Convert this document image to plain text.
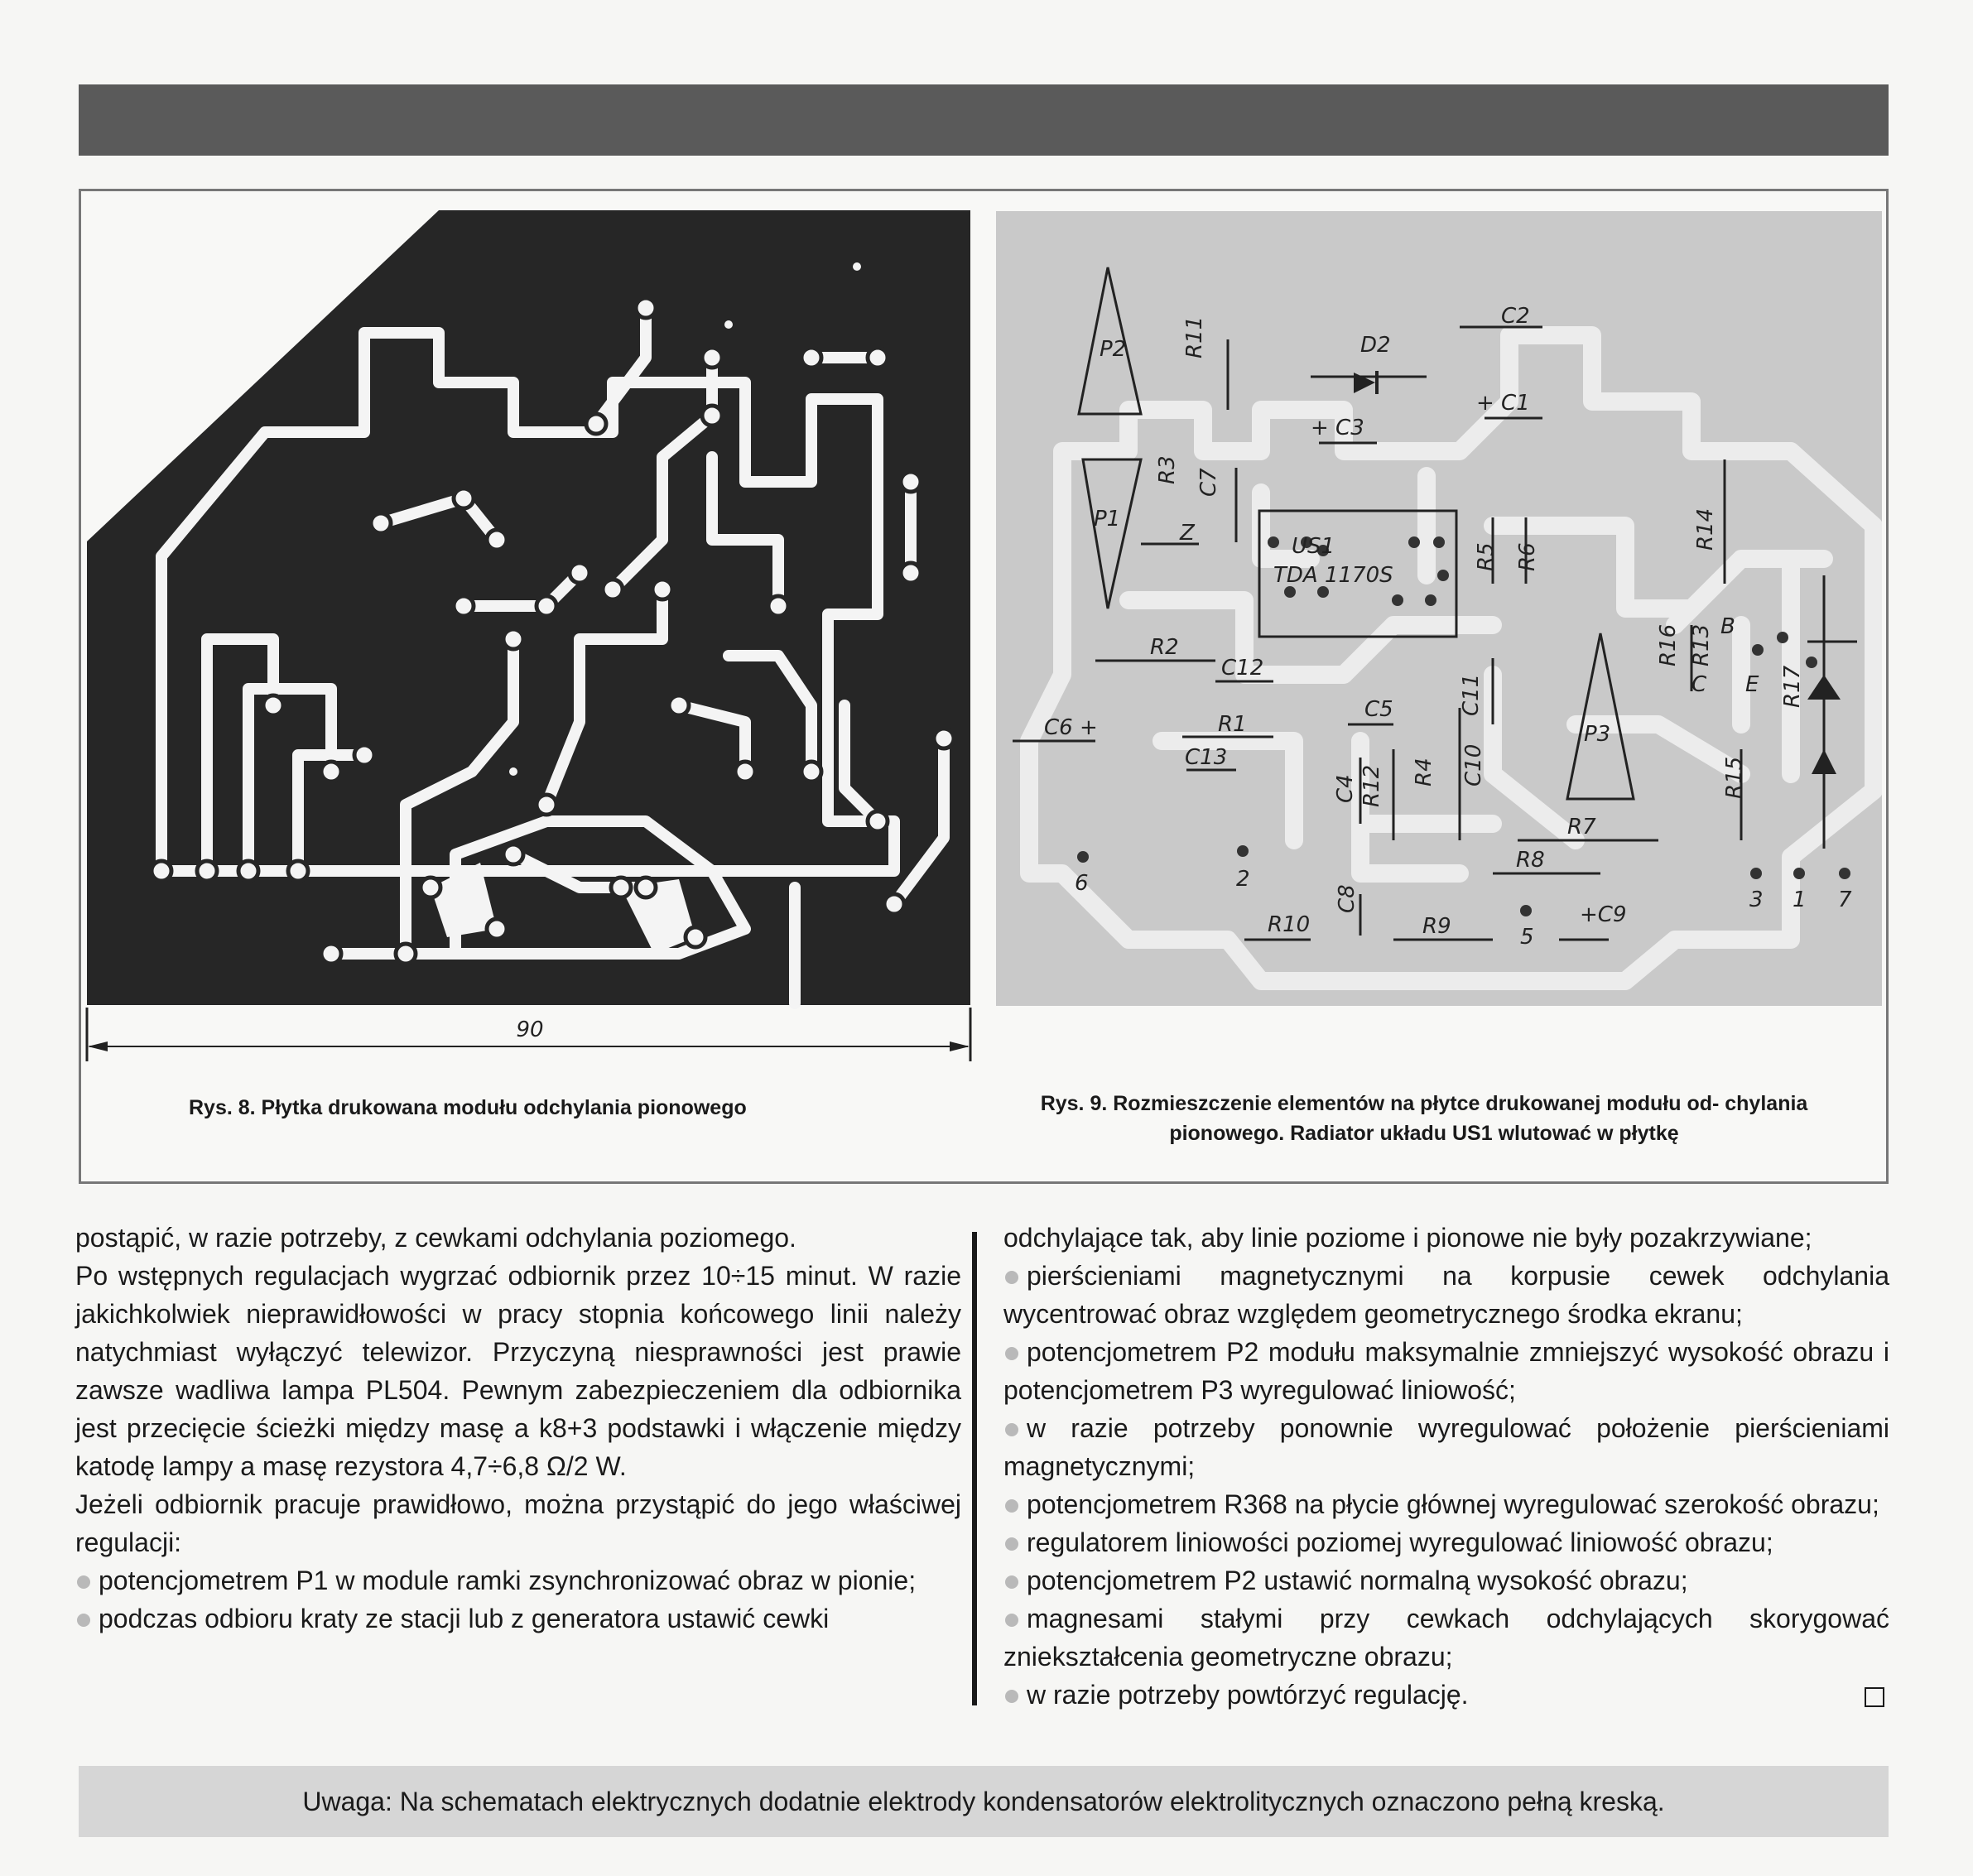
90
Rys. 8. Płytka drukowana modułu odchylania pionowego
P2
P1
P3
US1
TDA 1170S
D2
C2
+ C1
+ C3
R11
R3 C7
Z
R2
C12
R1
C13
C6 +
C5
R5 R6
C11
C10
R4
R12
C4
R7
R8
R9
R10
C8
+C9
R14
R16 R13
R15
R17
B
C E
6	2
5
3 1 7
Rys. 9. Rozmieszczenie elementów na płytce drukowanej modułu od- chylania pionowego. Radiator układu US1 wlutować w płytkę

postąpić, w razie potrzeby, z cewkami odchylania poziomego.

Po wstępnych regulacjach wygrzać odbiornik przez 10÷15 minut. W razie jakichkolwiek nieprawidłowości w pracy stopnia końcowego linii należy natychmiast wyłączyć telewizor. Przyczyną niesprawności jest prawie zawsze wadliwa lampa PL504. Pewnym zabezpieczeniem dla odbiornika jest przecięcie ścieżki między masę a k8+3 podstawki i włączenie między katodę lampy a masę rezystora 4,7÷6,8 Ω/2 W.

Jeżeli odbiornik pracuje prawidłowo, można przystąpić do jego właściwej regulacji:

potencjometrem P1 w module ramki zsynchronizować obraz w pionie;

podczas odbioru kraty ze stacji lub z generatora ustawić cewki

odchylające tak, aby linie poziome i pionowe nie były pozakrzywiane;

pierścieniami magnetycznymi na korpusie cewek odchylania wycentrować obraz względem geometrycznego środka ekranu;

potencjometrem P2 modułu maksymalnie zmniejszyć wysokość obrazu i potencjometrem P3 wyregulować liniowość;

w razie potrzeby ponownie wyregulować położenie pierścieniami magnetycznymi;

potencjometrem R368 na płycie głównej wyregulować szerokość obrazu;

regulatorem liniowości poziomej wyregulować liniowość obrazu;

potencjometrem P2 ustawić normalną wysokość obrazu;

magnesami stałymi przy cewkach odchylających skorygować zniekształcenia geometryczne obrazu;

w razie potrzeby powtórzyć regulację.

Uwaga: Na schematach elektrycznych dodatnie elektrody kondensatorów elektrolitycznych oznaczono pełną kreską.
